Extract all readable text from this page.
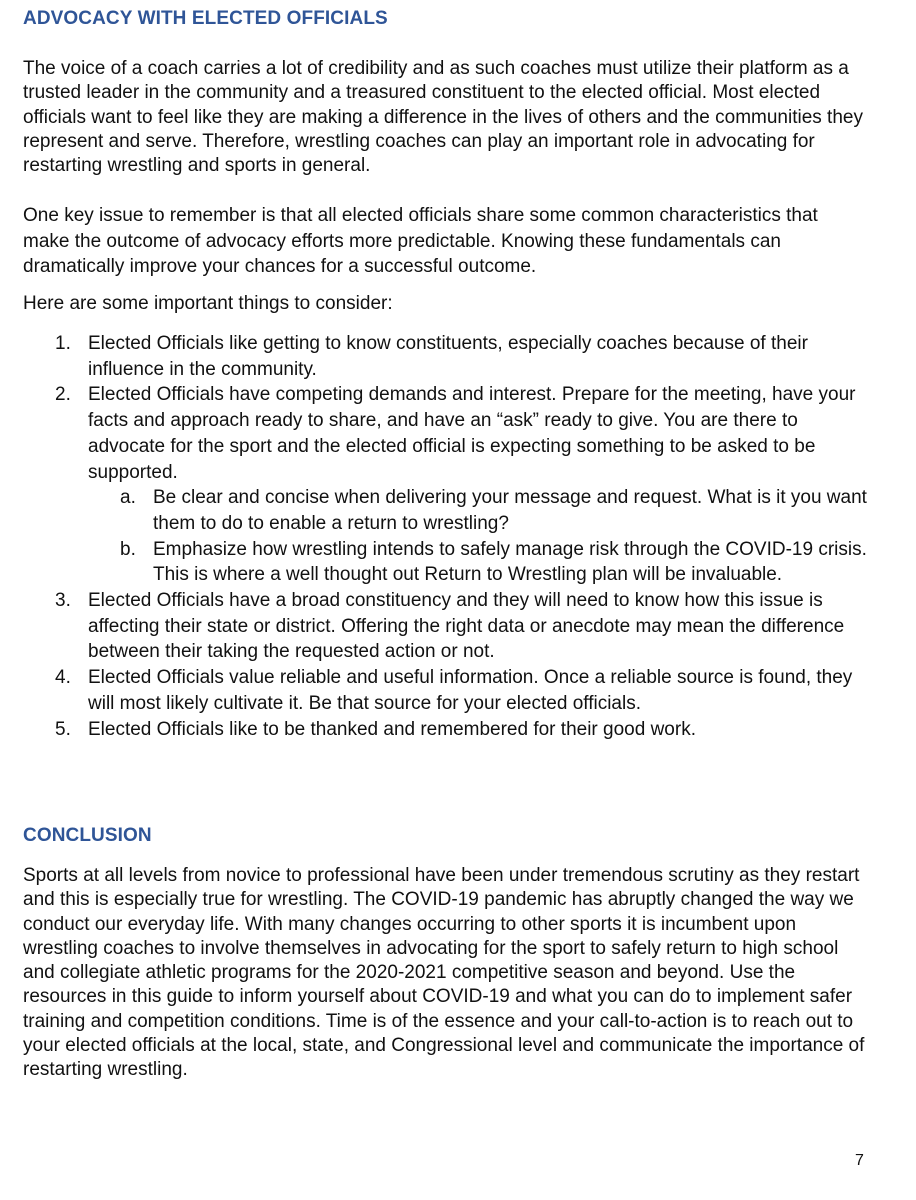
ADVOCACY WITH ELECTED OFFICIALS

The voice of a coach carries a lot of credibility and as such coaches must utilize their platform as a trusted leader in the community and a treasured constituent to the elected official. Most elected officials want to feel like they are making a difference in the lives of others and the communities they represent and serve. Therefore, wrestling coaches can play an important role in advocating for restarting wrestling and sports in general.

One key issue to remember is that all elected officials share some common characteristics that make the outcome of advocacy efforts more predictable. Knowing these fundamentals can dramatically improve your chances for a successful outcome.

Here are some important things to consider:

1. Elected Officials like getting to know constituents, especially coaches because of their influence in the community.
2. Elected Officials have competing demands and interest. Prepare for the meeting, have your facts and approach ready to share, and have an “ask” ready to give. You are there to advocate for the sport and the elected official is expecting something to be asked to be supported.
a. Be clear and concise when delivering your message and request. What is it you want them to do to enable a return to wrestling?
b. Emphasize how wrestling intends to safely manage risk through the COVID-19 crisis. This is where a well thought out Return to Wrestling plan will be invaluable.
3. Elected Officials have a broad constituency and they will need to know how this issue is affecting their state or district. Offering the right data or anecdote may mean the difference between their taking the requested action or not.
4. Elected Officials value reliable and useful information. Once a reliable source is found, they will most likely cultivate it. Be that source for your elected officials.
5. Elected Officials like to be thanked and remembered for their good work.
CONCLUSION

Sports at all levels from novice to professional have been under tremendous scrutiny as they restart and this is especially true for wrestling. The COVID-19 pandemic has abruptly changed the way we conduct our everyday life. With many changes occurring to other sports it is incumbent upon wrestling coaches to involve themselves in advocating for the sport to safely return to high school and collegiate athletic programs for the 2020-2021 competitive season and beyond. Use the resources in this guide to inform yourself about COVID-19 and what you can do to implement safer training and competition conditions. Time is of the essence and your call-to-action is to reach out to your elected officials at the local, state, and Congressional level and communicate the importance of restarting wrestling.

7
